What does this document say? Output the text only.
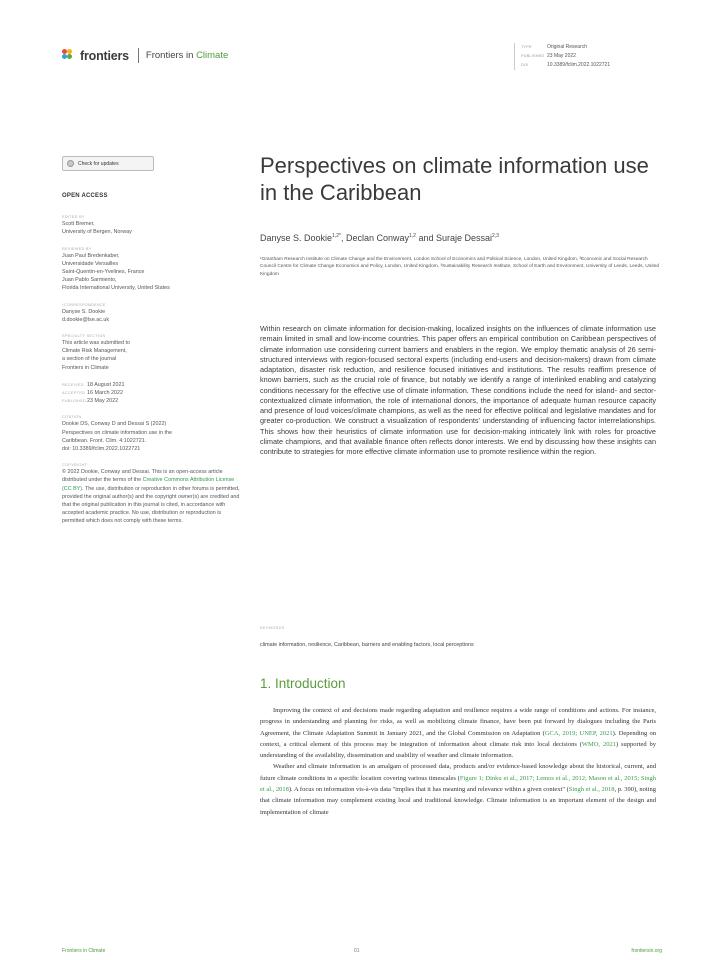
frontiers Frontiers in Climate
TYPE	Original Research
PUBLISHED 23 May 2022
DOI	10.3389/fclim.2022.1022721
Check for updates
OPEN ACCESS
EDITED BY
Scott Bremer,
University of Bergen, Norway
REVIEWED BY
Juan Paul Bredenkaber,
Universidade Versailles
Saint-Quentin-en-Yvelines, France
Juan Pablo Sarmiento,
Florida International University, United States
*CORRESPONDENCE
Danyse S. Dookie
d.dookie@lse.ac.uk
SPECIALTY SECTION
This article was submitted to
Climate Risk Management,
a section of the journal
Frontiers in Climate
RECEIVED 18 August 2021
ACCEPTED 16 March 2022
PUBLISHED 23 May 2022
CITATION
Dookie DS, Conway D and Dessai S (2022)
Perspectives on climate information use in the
Caribbean. Front. Clim. 4:1022721.
doi: 10.3389/fclim.2022.1022721
COPYRIGHT
© 2022 Dookie, Conway and Dessai. This is an open-access article distributed under the terms of the Creative Commons Attribution License (CC BY). The use, distribution or reproduction in other forums is permitted, provided the original author(s) and the copyright owner(s) are credited and that the original publication in this journal is cited, in accordance with accepted academic practice. No use, distribution or reproduction is permitted which does not comply with these terms.
Perspectives on climate information use in the Caribbean
Danyse S. Dookie$^{1,2*}$, Declan Conway$^{1,2}$ and Suraje Dessai$^{2,3}$
¹Grantham Research Institute on Climate Change and the Environment, London School of Economics and Political Science, London, United Kingdom, ²Economic and Social Research Council Centre for Climate Change Economics and Policy, London, United Kingdom, ³Sustainability Research Institute, School of Earth and Environment, University of Leeds, Leeds, United Kingdom
Within research on climate information for decision-making, localized insights on the influences of climate information use remain limited in small and low-income countries. This paper offers an empirical contribution on Caribbean perspectives of climate information use considering current barriers and enablers in the region. We employ thematic analysis of 26 semi-structured interviews with region-focused sectoral experts (including end-users and decision-makers) drawn from climate adaptation, disaster risk reduction, and resilience focused initiatives and institutions. The results reaffirm presence of known barriers, such as the crucial role of finance, but notably we identify a range of interlinked enabling and catalyzing conditions necessary for the effective use of climate information. These conditions include the need for island- and sector- contextualized climate information, the role of international donors, the importance of adequate human resource capacity and presence of loud voices/climate champions, as well as the need for effective political and legislative mandates and for greater co-production. We construct a visualization of respondents' understanding of influencing factor interrelationships. This shows how their heuristics of climate information use for decision-making intricately link with roles for proactive climate champions, and that available finance often reflects donor interests. We end by discussing how these insights can contribute to strategies for more effective climate information use to promote resilience within the region.
KEYWORDS
climate information, resilience, Caribbean, barriers and enabling factors, local perceptions
1. Introduction

Improving the context of and decisions made regarding adaptation and resilience requires a wide range of conditions and actions. For instance, progress in understanding and planning for risks, as well as mobilizing climate finance, have been put forward by dialogues including the Paris Agreement, the Climate Adaptation Summit in January 2021, and the Global Commission on Adaptation (GCA, 2019; UNEP, 2021). Depending on context, a critical element of this process may be integration of information about climate risk into local decisions (WMO, 2021) supported by understanding of the availability, dissemination and usability of weather and climate information.

Weather and climate information is an amalgam of processed data, products and/or evidence-based knowledge about the historical, current, and future climate conditions in a specific location covering various timescales (Figure 1; Dinku et al., 2017; Lemos et al., 2012; Mason et al., 2015; Singh et al., 2018). A focus on information vis-à-vis data "implies that it has meaning and relevance within a given context" (Singh et al., 2018, p. 390), noting that climate information may complement existing local and traditional knowledge. Climate information is an important element of the design and implementation of climate

Frontiers in Climate	01	frontiersin.org
